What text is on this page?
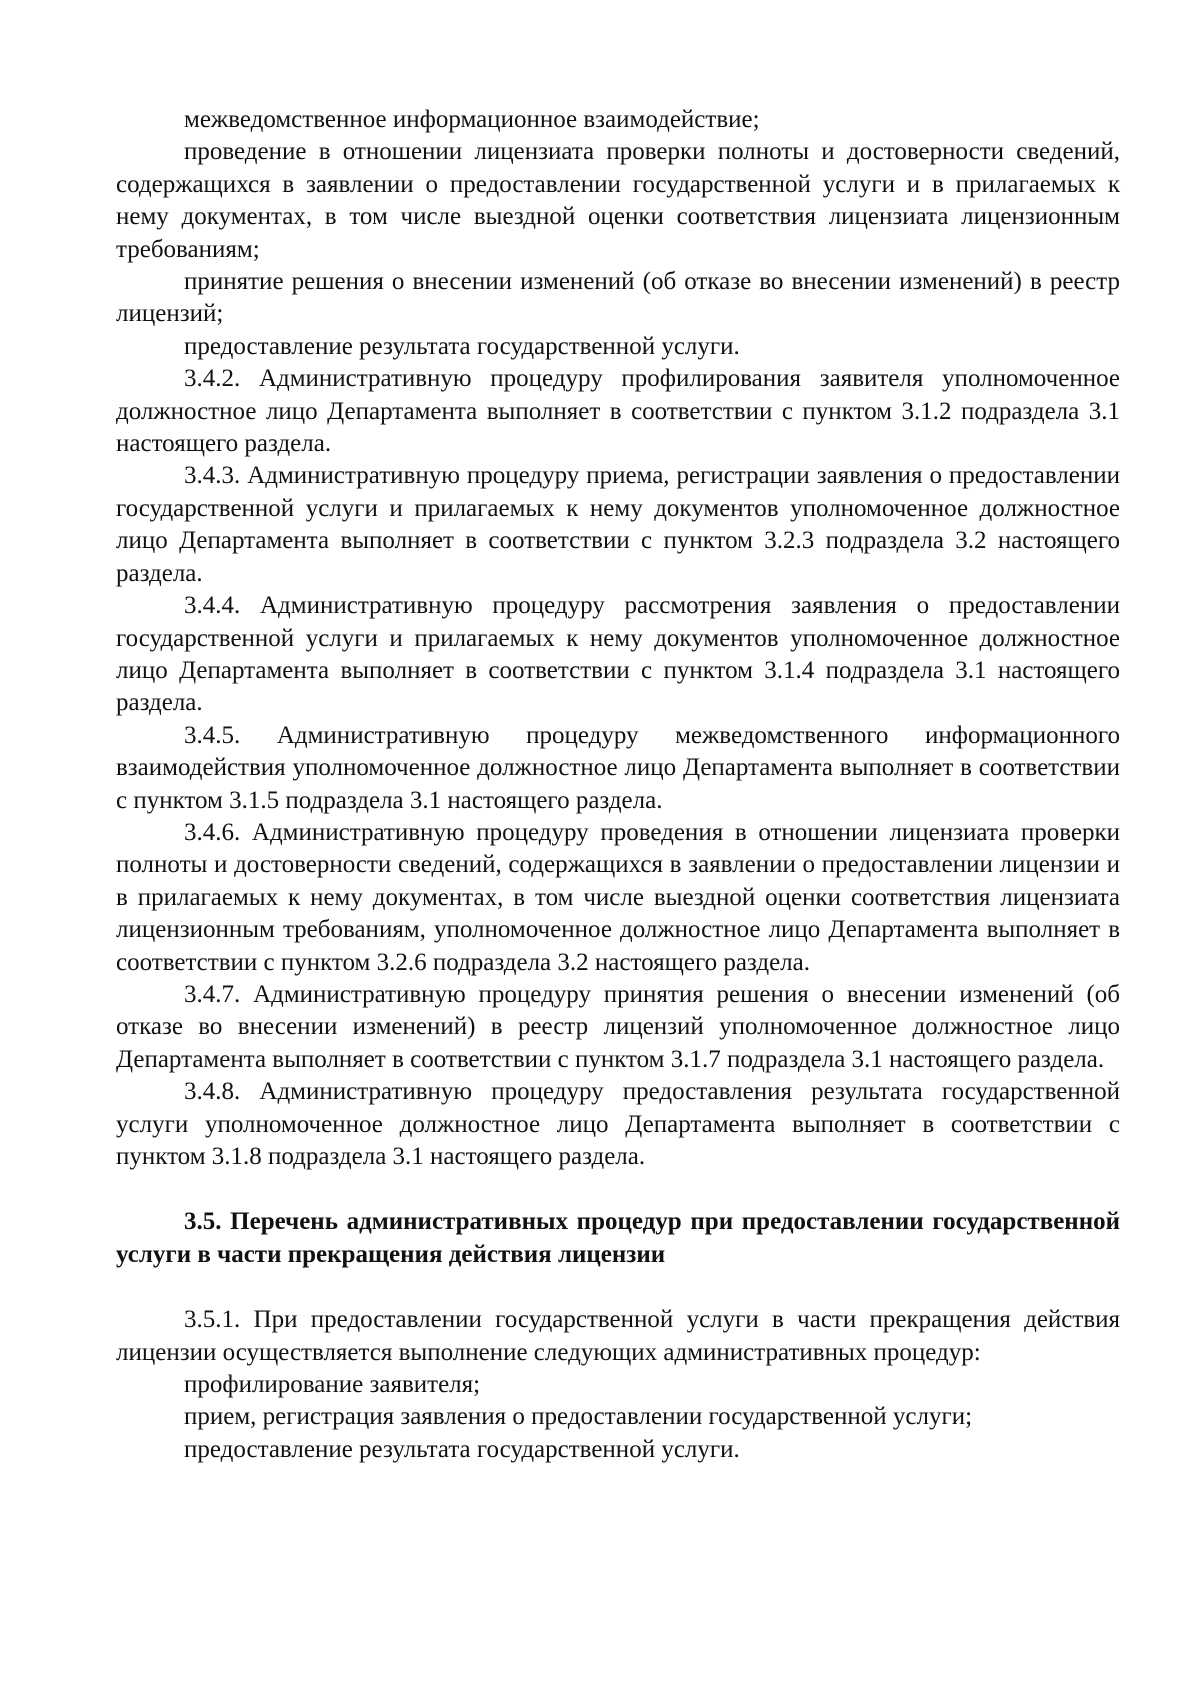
межведомственное информационное взаимодействие;

проведение в отношении лицензиата проверки полноты и достоверности сведений, содержащихся в заявлении о предоставлении государственной услуги и в прилагаемых к нему документах, в том числе выездной оценки соответствия лицензиата лицензионным требованиям;

принятие решения о внесении изменений (об отказе во внесении изменений) в реестр лицензий;

предоставление результата государственной услуги.

3.4.2. Административную процедуру профилирования заявителя уполномоченное должностное лицо Департамента выполняет в соответствии с пунктом 3.1.2 подраздела 3.1 настоящего раздела.

3.4.3. Административную процедуру приема, регистрации заявления о предоставлении государственной услуги и прилагаемых к нему документов уполномоченное должностное лицо Департамента выполняет в соответствии с пунктом 3.2.3 подраздела 3.2 настоящего раздела.

3.4.4. Административную процедуру рассмотрения заявления о предоставлении государственной услуги и прилагаемых к нему документов уполномоченное должностное лицо Департамента выполняет в соответствии с пунктом 3.1.4 подраздела 3.1 настоящего раздела.

3.4.5. Административную процедуру межведомственного информационного взаимодействия уполномоченное должностное лицо Департамента выполняет в соответствии с пунктом 3.1.5 подраздела 3.1 настоящего раздела.

3.4.6. Административную процедуру проведения в отношении лицензиата проверки полноты и достоверности сведений, содержащихся в заявлении о предоставлении лицензии и в прилагаемых к нему документах, в том числе выездной оценки соответствия лицензиата лицензионным требованиям, уполномоченное должностное лицо Департамента выполняет в соответствии с пунктом 3.2.6 подраздела 3.2 настоящего раздела.

3.4.7. Административную процедуру принятия решения о внесении изменений (об отказе во внесении изменений) в реестр лицензий уполномоченное должностное лицо Департамента выполняет в соответствии с пунктом 3.1.7 подраздела 3.1 настоящего раздела.

3.4.8. Административную процедуру предоставления результата государственной услуги уполномоченное должностное лицо Департамента выполняет в соответствии с пунктом 3.1.8 подраздела 3.1 настоящего раздела.

3.5. Перечень административных процедур при предоставлении государственной услуги в части прекращения действия лицензии

3.5.1. При предоставлении государственной услуги в части прекращения действия лицензии осуществляется выполнение следующих административных процедур:

профилирование заявителя;

прием, регистрация заявления о предоставлении государственной услуги;

предоставление результата государственной услуги.
